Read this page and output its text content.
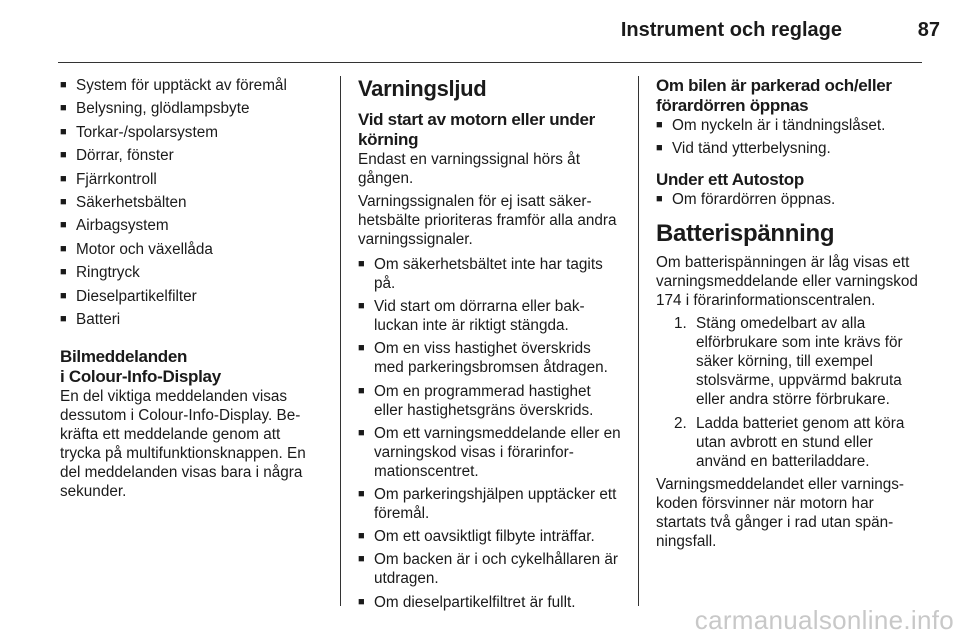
Instrument och reglage	87
■ System för upptäckt av föremål
■ Belysning, glödlampsbyte
■ Torkar-/spolarsystem
■ Dörrar, fönster
■ Fjärrkontroll
■ Säkerhetsbälten
■ Airbagsystem
■ Motor och växellåda
■ Ringtryck
■ Dieselpartikelfilter
■ Batteri
Bilmeddelanden
i Colour-Info-Display

En del viktiga meddelanden visas dessutom i Colour-Info-Display. Bekräfta ett meddelande genom att trycka på multifunktionsknappen. En del meddelanden visas bara i några sekunder.

Varningsljud
Vid start av motorn eller under körning

Endast en varningssignal hörs åt gången.

Varningssignalen för ej isatt säkerhetsbälte prioriteras framför alla andra varningssignaler.

■ Om säkerhetsbältet inte har tagits på.
■ Vid start om dörrarna eller bakluckan inte är riktigt stängda.
■ Om en viss hastighet överskrids med parkeringsbromsen åtdragen.
■ Om en programmerad hastighet eller hastighetsgräns överskrids.
■ Om ett varningsmeddelande eller en varningskod visas i förarinformationscentret.
■ Om parkeringshjälpen upptäcker ett föremål.
■ Om ett oavsiktligt filbyte inträffar.
■ Om backen är i och cykelhållaren är utdragen.
■ Om dieselpartikelfiltret är fullt.
Om bilen är parkerad och/eller förardörren öppnas
■ Om nyckeln är i tändningslåset.
■ Vid tänd ytterbelysning.
Under ett Autostop
■ Om förardörren öppnas.
Batterispänning

Om batterispänningen är låg visas ett varningsmeddelande eller varningskod 174 i förarinformationscentralen.

1. Stäng omedelbart av alla elförbrukare som inte krävs för säker körning, till exempel stolsvärme, uppvärmd bakruta eller andra större förbrukare.
2. Ladda batteriet genom att köra utan avbrott en stund eller använd en batteriladdare.

Varningsmeddelandet eller varningskoden försvinner när motorn har startats två gånger i rad utan spänningsfall.

carmanualsonline.info
